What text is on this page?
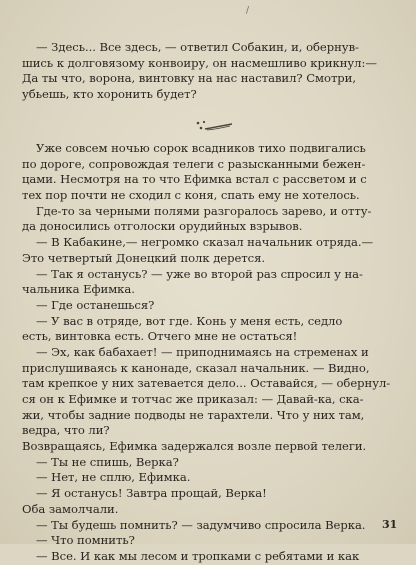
/
— Здесь... Все здесь, — ответил Собакин, и, обернув-
шись к долговязому конвоиру, он насмешливо крикнул:—
Да ты что, ворона, винтовку на нас наставил? Смотри,
убьешь, кто хоронить будет?
Уже совсем ночью сорок всадников тихо подвигались
по дороге, сопровождая телеги с разысканными бежен-
цами. Несмотря на то что Ефимка встал с рассветом и с
тех пор почти не сходил с коня, спать ему не хотелось.
Где-то за черными полями разгоралось зарево, и отту-
да доносились отголоски орудийных взрывов.
— В Кабакине,— негромко сказал начальник отряда.—
Это четвертый Донецкий полк дерется.
— Так я останусь? — уже во второй раз спросил у на-
чальника Ефимка.
— Где останешься?
— У вас в отряде, вот где. Конь у меня есть, седло
есть, винтовка есть. Отчего мне не остаться!
— Эх, как бабахает! — приподнимаясь на стременах и
прислушиваясь к канонаде, сказал начальник. — Видно,
там крепкое у них затевается дело... Оставайся, — обернул-
ся он к Ефимке и тотчас же приказал: — Давай-ка, ска-
жи, чтобы задние подводы не тарахтели. Что у них там,
ведра, что ли?
Возвращаясь, Ефимка задержался возле первой телеги.
— Ты не спишь, Верка?
— Нет, не сплю, Ефимка.
— Я останусь! Завтра прощай, Верка!
Оба замолчали.
— Ты будешь помнить? — задумчиво спросила Верка.
— Что помнить?
— Все. И как мы лесом и тропками с ребятами и как
31
